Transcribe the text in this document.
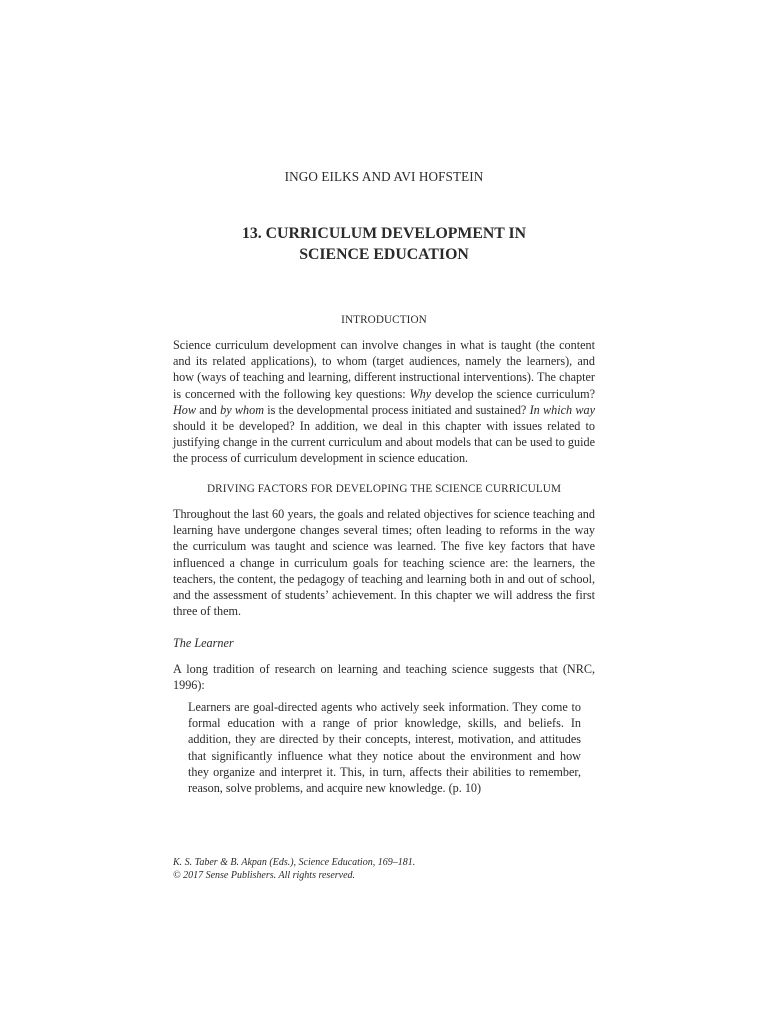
INGO EILKS AND AVI HOFSTEIN
13. CURRICULUM DEVELOPMENT IN
SCIENCE EDUCATION
INTRODUCTION
Science curriculum development can involve changes in what is taught (the content and its related applications), to whom (target audiences, namely the learners), and how (ways of teaching and learning, different instructional interventions). The chapter is concerned with the following key questions: Why develop the science curriculum? How and by whom is the developmental process initiated and sustained? In which way should it be developed? In addition, we deal in this chapter with issues related to justifying change in the current curriculum and about models that can be used to guide the process of curriculum development in science education.
DRIVING FACTORS FOR DEVELOPING THE SCIENCE CURRICULUM
Throughout the last 60 years, the goals and related objectives for science teaching and learning have undergone changes several times; often leading to reforms in the way the curriculum was taught and science was learned. The five key factors that have influenced a change in curriculum goals for teaching science are: the learners, the teachers, the content, the pedagogy of teaching and learning both in and out of school, and the assessment of students’ achievement. In this chapter we will address the first three of them.
The Learner
A long tradition of research on learning and teaching science suggests that (NRC, 1996):
Learners are goal-directed agents who actively seek information. They come to formal education with a range of prior knowledge, skills, and beliefs. In addition, they are directed by their concepts, interest, motivation, and attitudes that significantly influence what they notice about the environment and how they organize and interpret it. This, in turn, affects their abilities to remember, reason, solve problems, and acquire new knowledge. (p. 10)
K. S. Taber & B. Akpan (Eds.), Science Education, 169–181.
© 2017 Sense Publishers. All rights reserved.
